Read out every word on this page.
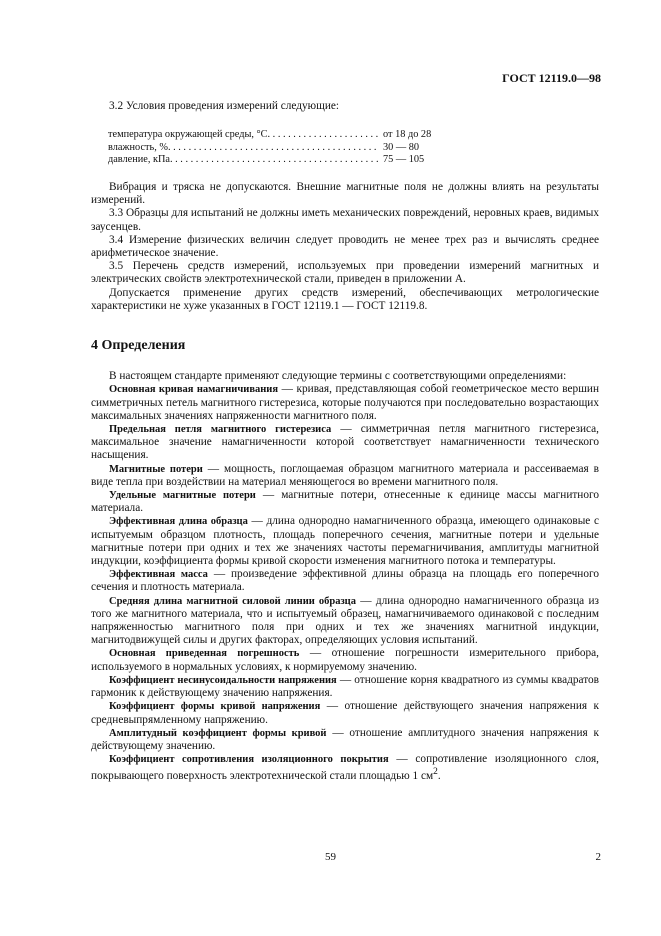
ГОСТ 12119.0—98

3.2 Условия проведения измерений следующие:

температура окружающей среды, °С . . .	от 18 до 28
влажность, % . . .	30 — 80
давление, кПа . . .	75 — 105

Вибрация и тряска не допускаются. Внешние магнитные поля не должны влиять на результаты измерений.

3.3 Образцы для испытаний не должны иметь механических повреждений, неровных краев, видимых заусенцев.

3.4 Измерение физических величин следует проводить не менее трех раз и вычислять среднее арифметическое значение.

3.5 Перечень средств измерений, используемых при проведении измерений магнитных и электрических свойств электротехнической стали, приведен в приложении А.

Допускается применение других средств измерений, обеспечивающих метрологические характеристики не хуже указанных в ГОСТ 12119.1 — ГОСТ 12119.8.

4 Определения

В настоящем стандарте применяют следующие термины с соответствующими определениями:

Основная кривая намагничивания — кривая, представляющая собой геометрическое место вершин симметричных петель магнитного гистерезиса, которые получаются при последовательно возрастающих максимальных значениях напряженности магнитного поля.

Предельная петля магнитного гистерезиса — симметричная петля магнитного гистерезиса, максимальное значение намагниченности которой соответствует намагниченности технического насыщения.

Магнитные потери — мощность, поглощаемая образцом магнитного материала и рассеиваемая в виде тепла при воздействии на материал меняющегося во времени магнитного поля.

Удельные магнитные потери — магнитные потери, отнесенные к единице массы магнитного материала.

Эффективная длина образца — длина однородно намагниченного образца, имеющего одинаковые с испытуемым образцом плотность, площадь поперечного сечения, магнитные потери и удельные магнитные потери при одних и тех же значениях частоты перемагничивания, амплитуды магнитной индукции, коэффициента формы кривой скорости изменения магнитного потока и температуры.

Эффективная масса — произведение эффективной длины образца на площадь его поперечного сечения и плотность материала.

Средняя длина магнитной силовой линии образца — длина однородно намагниченного образца из того же магнитного материала, что и испытуемый образец, намагничиваемого одинаковой с последним напряженностью магнитного поля при одних и тех же значениях магнитной индукции, магнитодвижущей силы и других факторах, определяющих условия испытаний.

Основная приведенная погрешность — отношение погрешности измерительного прибора, используемого в нормальных условиях, к нормируемому значению.

Коэффициент несинусоидальности напряжения — отношение корня квадратного из суммы квадратов гармоник к действующему значению напряжения.

Коэффициент формы кривой напряжения — отношение действующего значения напряжения к средневыпрямленному напряжению.

Амплитудный коэффициент формы кривой — отношение амплитудного значения напряжения к действующему значению.

Коэффициент сопротивления изоляционного покрытия — сопротивление изоляционного слоя, покрывающего поверхность электротехнической стали площадью 1 $см^2$.

59	2
